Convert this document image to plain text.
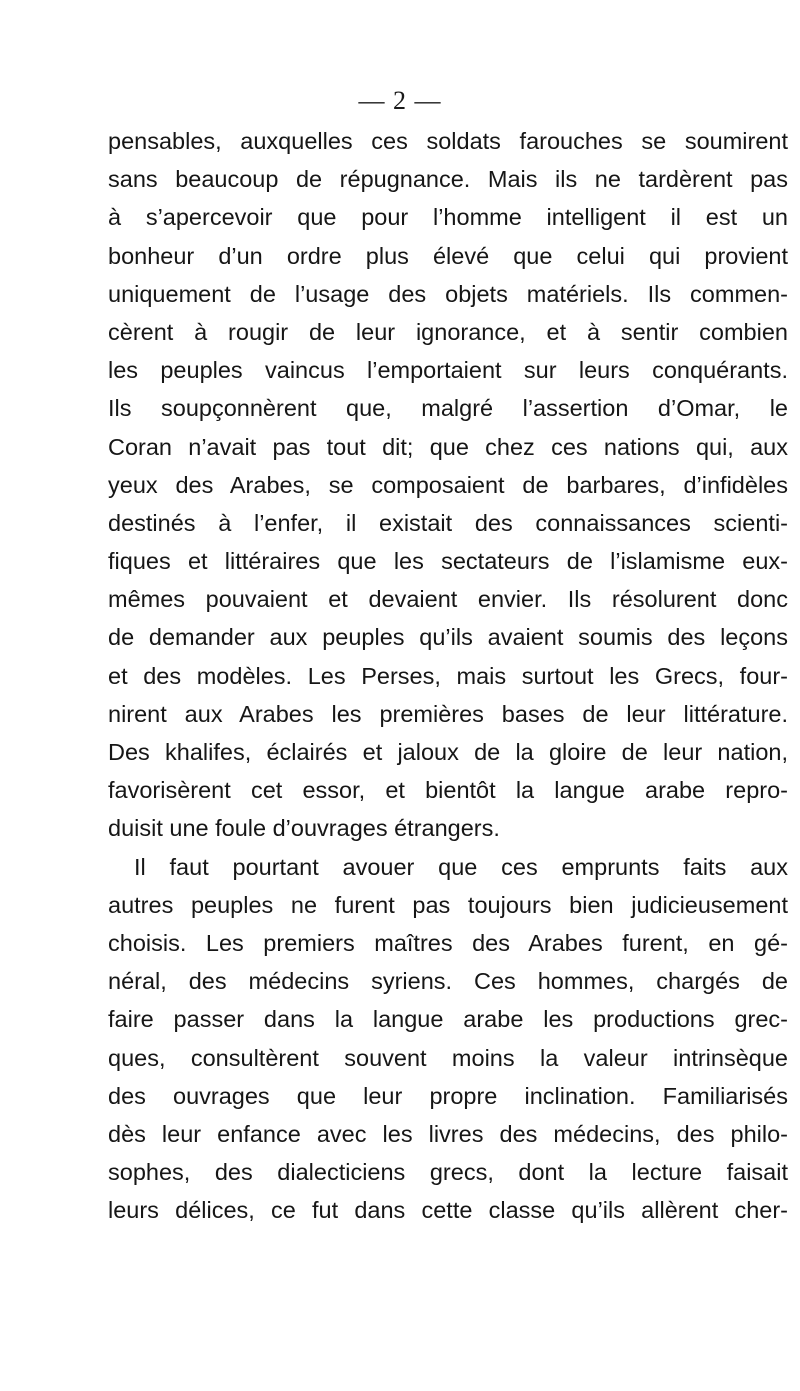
— 2 —
pensables, auxquelles ces soldats farouches se soumirent
sans beaucoup de répugnance. Mais ils ne tardèrent pas
à s’apercevoir que pour l’homme intelligent il est un
bonheur d’un ordre plus élevé que celui qui provient
uniquement de l’usage des objets matériels. Ils commen-
cèrent à rougir de leur ignorance, et à sentir combien
les peuples vaincus l’emportaient sur leurs conquérants.
Ils soupçonnèrent que, malgré l’assertion d’Omar, le
Coran n’avait pas tout dit; que chez ces nations qui, aux
yeux des Arabes, se composaient de barbares, d’infidèles
destinés à l’enfer, il existait des connaissances scienti-
fiques et littéraires que les sectateurs de l’islamisme eux-
mêmes pouvaient et devaient envier. Ils résolurent donc
de demander aux peuples qu’ils avaient soumis des leçons
et des modèles. Les Perses, mais surtout les Grecs, four-
nirent aux Arabes les premières bases de leur littérature.
Des khalifes, éclairés et jaloux de la gloire de leur nation,
favorisèrent cet essor, et bientôt la langue arabe repro-
duisit une foule d’ouvrages étrangers.
Il faut pourtant avouer que ces emprunts faits aux
autres peuples ne furent pas toujours bien judicieusement
choisis. Les premiers maîtres des Arabes furent, en gé-
néral, des médecins syriens. Ces hommes, chargés de
faire passer dans la langue arabe les productions grec-
ques, consultèrent souvent moins la valeur intrinsèque
des ouvrages que leur propre inclination. Familiarisés
dès leur enfance avec les livres des médecins, des philo-
sophes, des dialecticiens grecs, dont la lecture faisait
leurs délices, ce fut dans cette classe qu’ils allèrent cher-
